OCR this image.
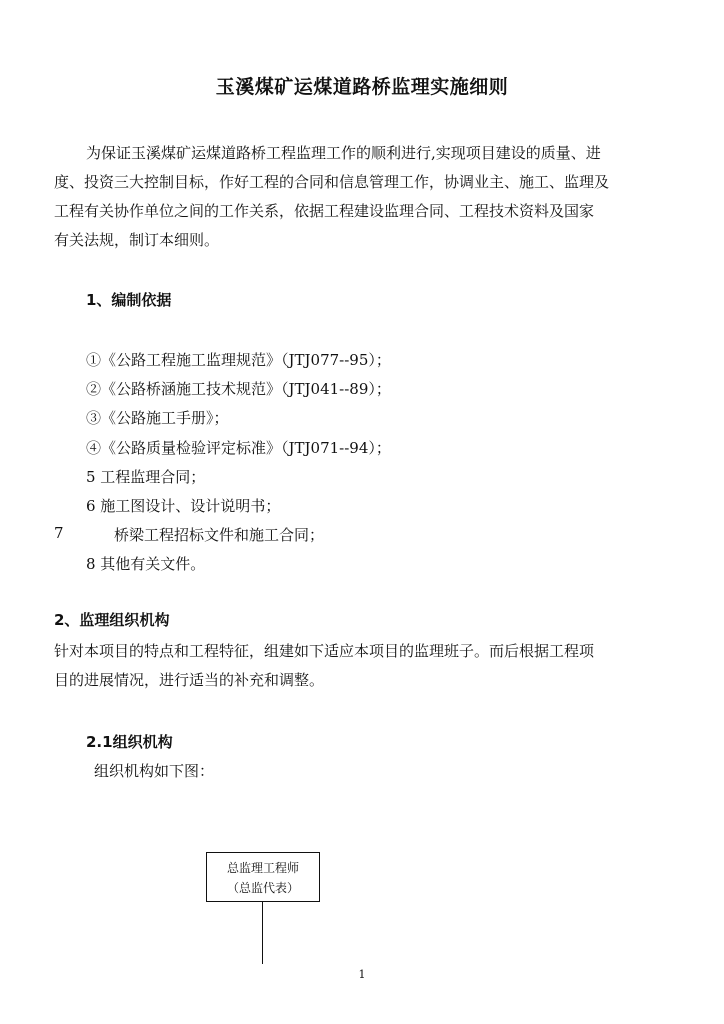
玉溪煤矿运煤道路桥监理实施细则
为保证玉溪煤矿运煤道路桥工程监理工作的顺利进行,实现项目建设的质量、进
度、投资三大控制目标，作好工程的合同和信息管理工作，协调业主、施工、监理及
工程有关协作单位之间的工作关系，依据工程建设监理合同、工程技术资料及国家
有关法规，制订本细则。
1、编制依据
①《公路工程施工监理规范》（JTJ077--95）；
②《公路桥涵施工技术规范》（JTJ041--89）；
③《公路施工手册》；
④《公路质量检验评定标准》（JTJ071--94）；
5 工程监理合同；
6 施工图设计、设计说明书；
7	桥梁工程招标文件和施工合同；
8 其他有关文件。
2、监理组织机构
针对本项目的特点和工程特征，组建如下适应本项目的监理班子。而后根据工程项
目的进展情况，进行适当的补充和调整。
2.1组织机构
组织机构如下图：
总监理工程师
（总监代表）
1
